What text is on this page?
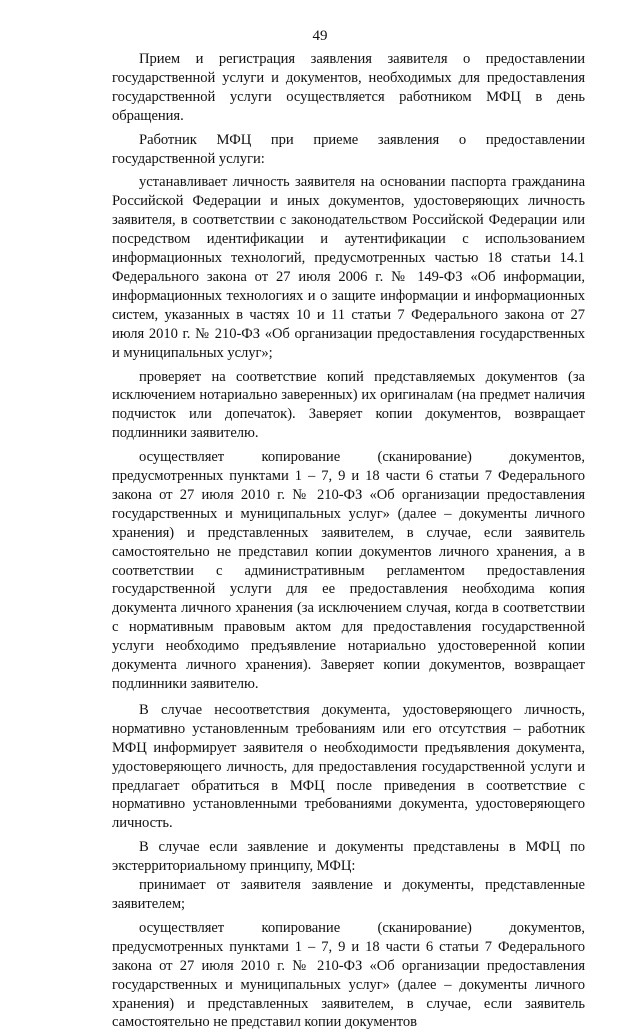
49

Прием и регистрация заявления заявителя о предоставлении государственной услуги и документов, необходимых для предоставления государственной услуги осуществляется работником МФЦ в день обращения.

Работник МФЦ при приеме заявления о предоставлении государственной услуги:

устанавливает личность заявителя на основании паспорта гражданина Российской Федерации и иных документов, удостоверяющих личность заявителя, в соответствии с законодательством Российской Федерации или посредством идентификации и аутентификации с использованием информационных технологий, предусмотренных частью 18 статьи 14.1 Федерального закона от 27 июля 2006 г. № 149-ФЗ «Об информации, информационных технологиях и о защите информации и информационных систем, указанных в частях 10 и 11 статьи 7 Федерального закона от 27 июля 2010 г. № 210-ФЗ «Об организации предоставления государственных и муниципальных услуг»;

проверяет на соответствие копий представляемых документов (за исключением нотариально заверенных) их оригиналам (на предмет наличия подчисток или допечаток). Заверяет копии документов, возвращает подлинники заявителю.

осуществляет копирование (сканирование) документов, предусмотренных пунктами 1 – 7, 9 и 18 части 6 статьи 7 Федерального закона от 27 июля 2010 г. № 210-ФЗ «Об организации предоставления государственных и муниципальных услуг» (далее – документы личного хранения) и представленных заявителем, в случае, если заявитель самостоятельно не представил копии документов личного хранения, а в соответствии с административным регламентом предоставления государственной услуги для ее предоставления необходима копия документа личного хранения (за исключением случая, когда в соответствии с нормативным правовым актом для предоставления государственной услуги необходимо предъявление нотариально удостоверенной копии документа личного хранения). Заверяет копии документов, возвращает подлинники заявителю.

В случае несоответствия документа, удостоверяющего личность, нормативно установленным требованиям или его отсутствия – работник МФЦ информирует заявителя о необходимости предъявления документа, удостоверяющего личность, для предоставления государственной услуги и предлагает обратиться в МФЦ после приведения в соответствие с нормативно установленными требованиями документа, удостоверяющего личность.

В случае если заявление и документы представлены в МФЦ по экстерриториальному принципу, МФЦ:

принимает от заявителя заявление и документы, представленные заявителем;

осуществляет копирование (сканирование) документов, предусмотренных пунктами 1 – 7, 9 и 18 части 6 статьи 7 Федерального закона от 27 июля 2010 г. № 210-ФЗ «Об организации предоставления государственных и муниципальных услуг» (далее – документы личного хранения) и представленных заявителем, в случае, если заявитель самостоятельно не представил копии документов
